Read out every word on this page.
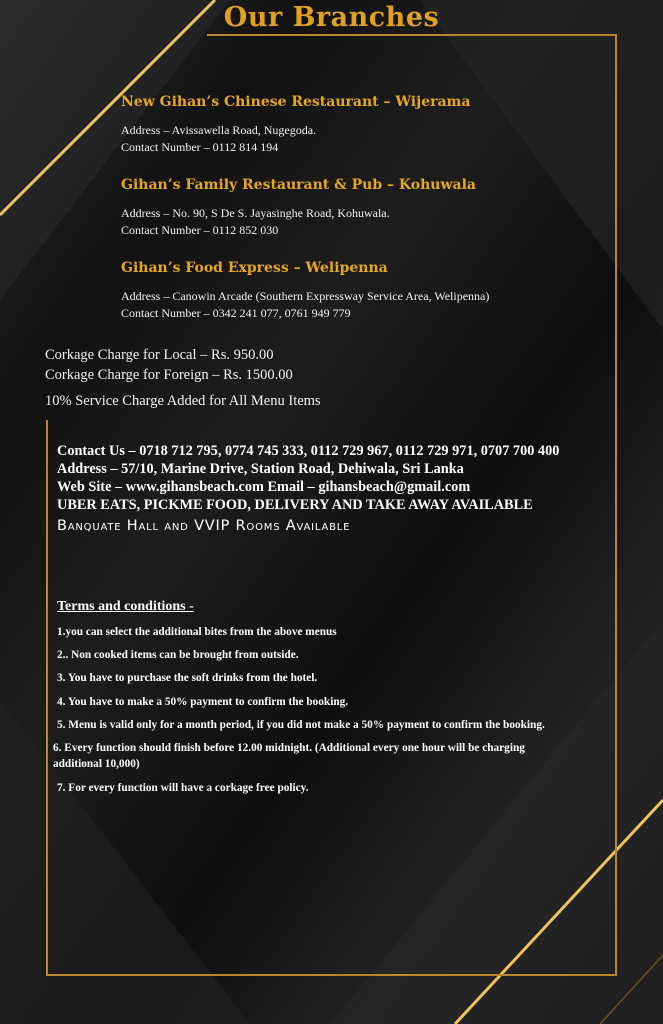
Our Branches
New Gihan’s Chinese Restaurant – Wijerama
Address – Avissawella Road, Nugegoda.
Contact Number – 0112 814 194
Gihan’s Family Restaurant & Pub – Kohuwala
Address – No. 90, S De S. Jayasinghe Road, Kohuwala.
Contact Number – 0112 852 030
Gihan’s Food Express – Welipenna
Address – Canowin Arcade (Southern Expressway Service Area, Welipenna)
Contact Number – 0342 241 077, 0761 949 779
Corkage Charge for Local – Rs. 950.00
Corkage Charge for Foreign – Rs. 1500.00
10% Service Charge Added for All Menu Items
Contact Us – 0718 712 795, 0774 745 333, 0112 729 967, 0112 729 971, 0707 700 400
Address – 57/10, Marine Drive, Station Road, Dehiwala, Sri Lanka
Web Site – www.gihansbeach.com Email – gihansbeach@gmail.com
UBER EATS, PICKME FOOD, DELIVERY AND TAKE AWAY AVAILABLE
Banquate Hall and VVIP Rooms Available
Terms and conditions -
1.you can select the additional bites from the above menus
2.. Non cooked items can be brought from outside.
3. You have to purchase the soft drinks from the hotel.
4. You have to make a 50% payment to confirm the booking.
5. Menu is valid only for a month period, if you did not make a 50% payment to confirm the booking.
6. Every function should finish before 12.00 midnight. (Additional every one hour will be charging
additional 10,000)
7. For every function will have a corkage free policy.
